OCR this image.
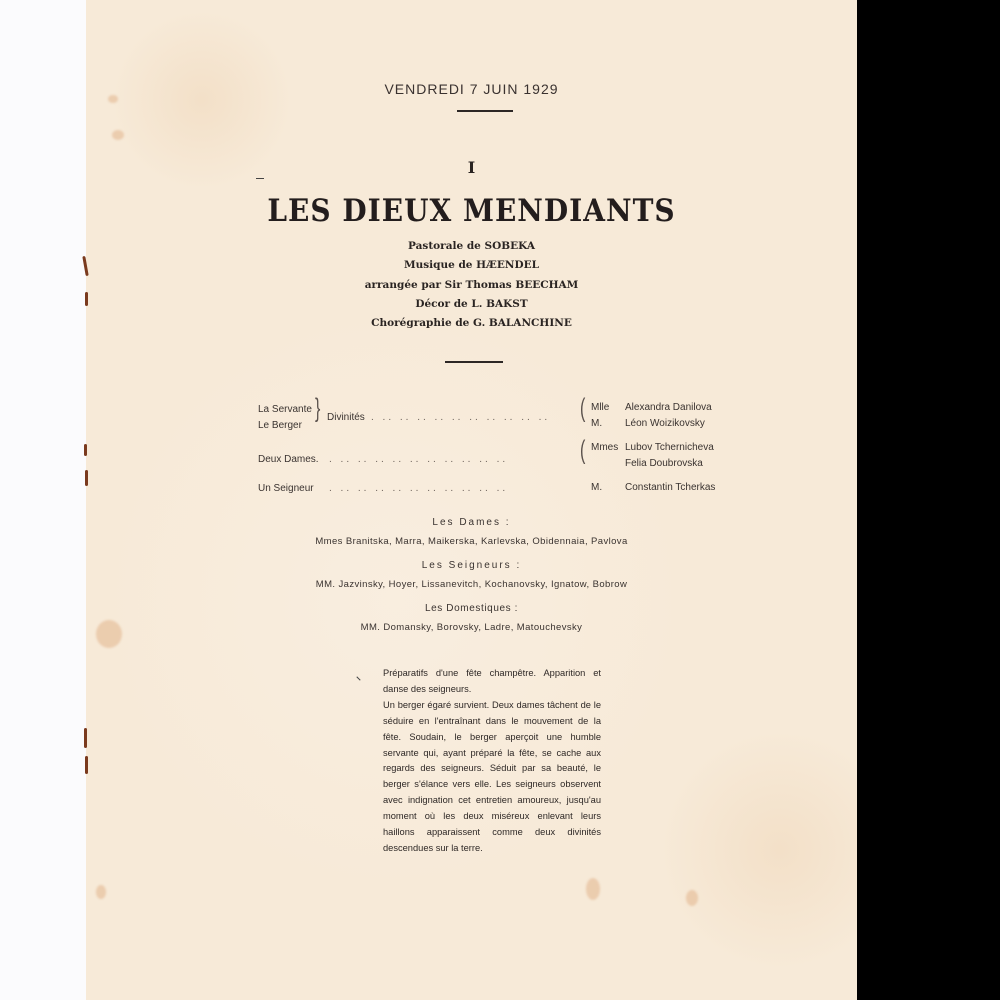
VENDREDI 7 JUIN 1929
I
LES DIEUX MENDIANTS
Pastorale de SOBEKA
Musique de HÆENDEL
arrangée par Sir Thomas BEECHAM
Décor de L. BAKST
Chorégraphie de G. BALANCHINE
La Servante
Le Berger
} Divinités . .. .. .. .. .. .. .. .. .. .. ( Mlle
M.
Alexandra Danilova
Léon Woizikovsky
Deux Dames. . .. .. .. .. .. .. .. .. .. ..	( Mmes Lubov Tchernicheva
Felia Doubrovska
Un Seigneur . .. .. .. .. .. .. .. .. .. ..	M. Constantin Tcherkas
Les Dames :
Mmes Branitska, Marra, Maikerska, Karlevska, Obidennaia, Pavlova
Les Seigneurs :
MM. Jazvinsky, Hoyer, Lissanevitch, Kochanovsky, Ignatow, Bobrow
Les Domestiques :
MM. Domansky, Borovsky, Ladre, Matouchevsky

Préparatifs d'une fête champêtre. Apparition et danse des seigneurs.

Un berger égaré survient. Deux dames tâchent de le séduire en l'entraînant dans le mouvement de la fête. Soudain, le berger aperçoit une humble servante qui, ayant préparé la fête, se cache aux regards des seigneurs. Séduit par sa beauté, le berger s'élance vers elle. Les seigneurs observent avec indignation cet entretien amoureux, jusqu'au moment où les deux miséreux enlevant leurs haillons apparaissent comme deux divinités descendues sur la terre.
